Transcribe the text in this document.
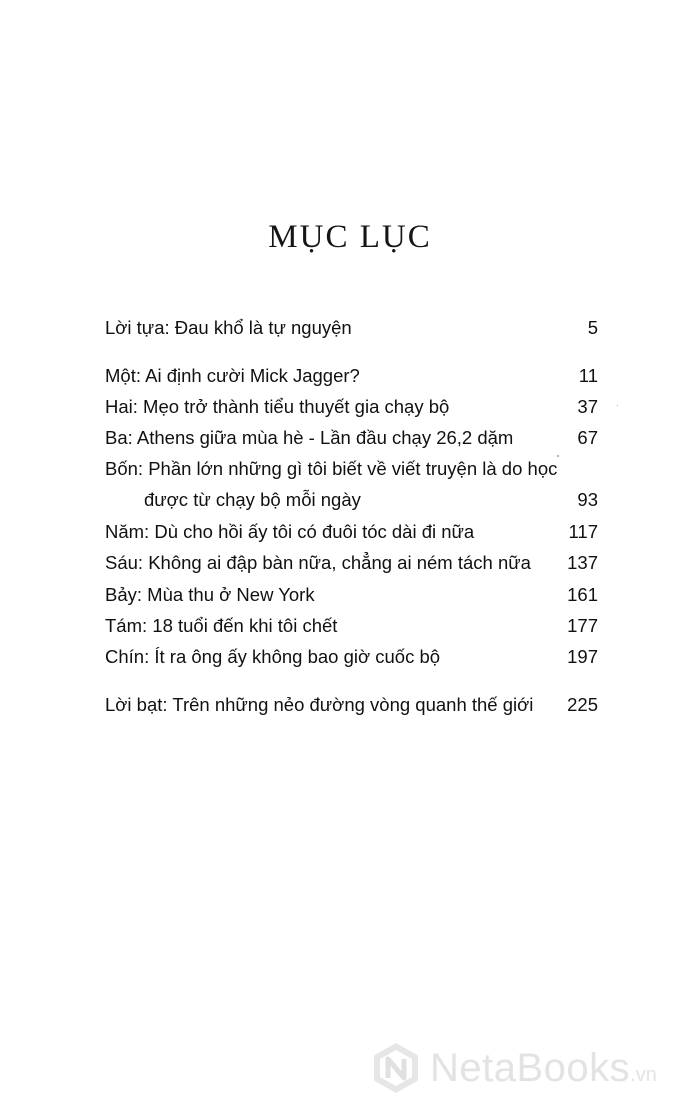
MỤC LỤC
Lời tựa: Đau khổ là tự nguyện	5
Một: Ai định cười Mick Jagger?	11
Hai: Mẹo trở thành tiểu thuyết gia chạy bộ	37
Ba: Athens giữa mùa hè - Lần đầu chạy 26,2 dặm	67
Bốn: Phần lớn những gì tôi biết về viết truyện là do học
được từ chạy bộ mỗi ngày	93
Năm: Dù cho hồi ấy tôi có đuôi tóc dài đi nữa	117
Sáu: Không ai đập bàn nữa, chẳng ai ném tách nữa 137
Bảy: Mùa thu ở New York	161
Tám: 18 tuổi đến khi tôi chết	177
Chín: Ít ra ông ấy không bao giờ cuốc bộ	197
Lời bạt: Trên những nẻo đường vòng quanh thế giới 225
NetaBooks.vn
